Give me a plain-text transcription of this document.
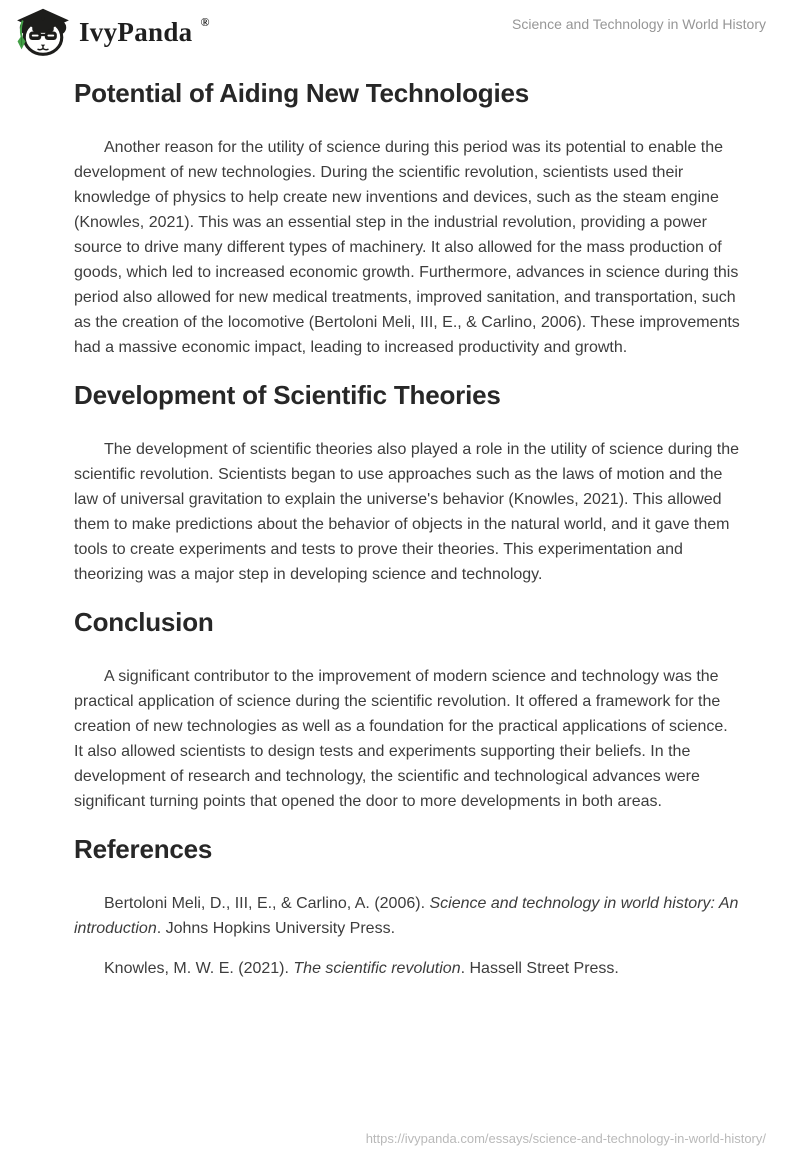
IvyPanda ®	Science and Technology in World History
Potential of Aiding New Technologies

Another reason for the utility of science during this period was its potential to enable the development of new technologies. During the scientific revolution, scientists used their knowledge of physics to help create new inventions and devices, such as the steam engine (Knowles, 2021). This was an essential step in the industrial revolution, providing a power source to drive many different types of machinery. It also allowed for the mass production of goods, which led to increased economic growth. Furthermore, advances in science during this period also allowed for new medical treatments, improved sanitation, and transportation, such as the creation of the locomotive (Bertoloni Meli, III, E., & Carlino, 2006). These improvements had a massive economic impact, leading to increased productivity and growth.

Development of Scientific Theories

The development of scientific theories also played a role in the utility of science during the scientific revolution. Scientists began to use approaches such as the laws of motion and the law of universal gravitation to explain the universe's behavior (Knowles, 2021). This allowed them to make predictions about the behavior of objects in the natural world, and it gave them tools to create experiments and tests to prove their theories. This experimentation and theorizing was a major step in developing science and technology.

Conclusion

A significant contributor to the improvement of modern science and technology was the practical application of science during the scientific revolution. It offered a framework for the creation of new technologies as well as a foundation for the practical applications of science. It also allowed scientists to design tests and experiments supporting their beliefs. In the development of research and technology, the scientific and technological advances were significant turning points that opened the door to more developments in both areas.

References

Bertoloni Meli, D., III, E., & Carlino, A. (2006). Science and technology in world history: An introduction. Johns Hopkins University Press.

Knowles, M. W. E. (2021). The scientific revolution. Hassell Street Press.

https://ivypanda.com/essays/science-and-technology-in-world-history/
